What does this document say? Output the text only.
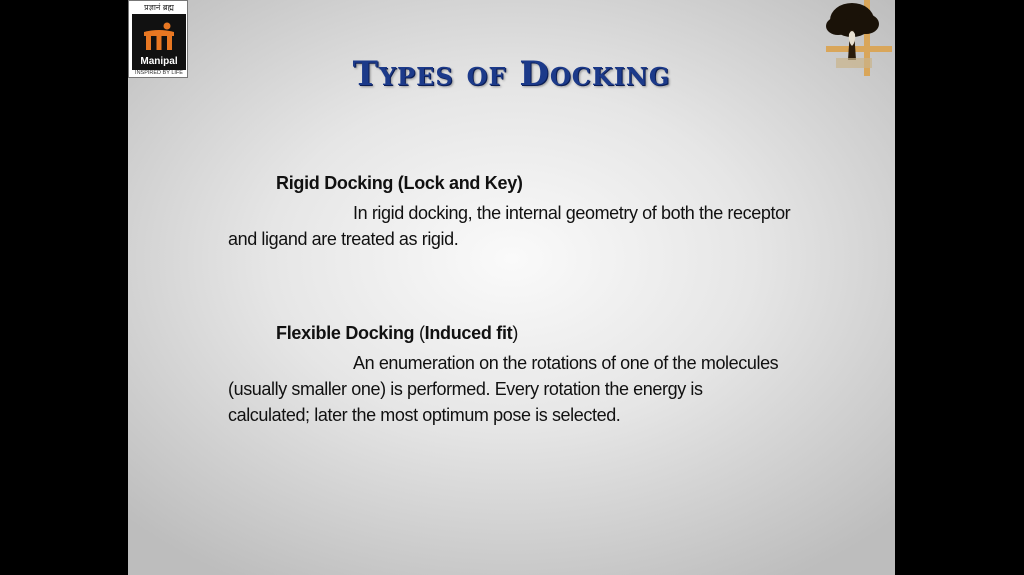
प्रज्ञानं ब्रह्म
Manipal
INSPIRED BY LIFE	Types of Docking

Rigid Docking (Lock and Key)

In rigid docking, the internal geometry of both the receptor
and ligand are treated as rigid.

Flexible Docking (Induced fit)

An enumeration on the rotations of one of the molecules
(usually smaller one) is performed. Every rotation the energy is
calculated; later the most optimum pose is selected.
